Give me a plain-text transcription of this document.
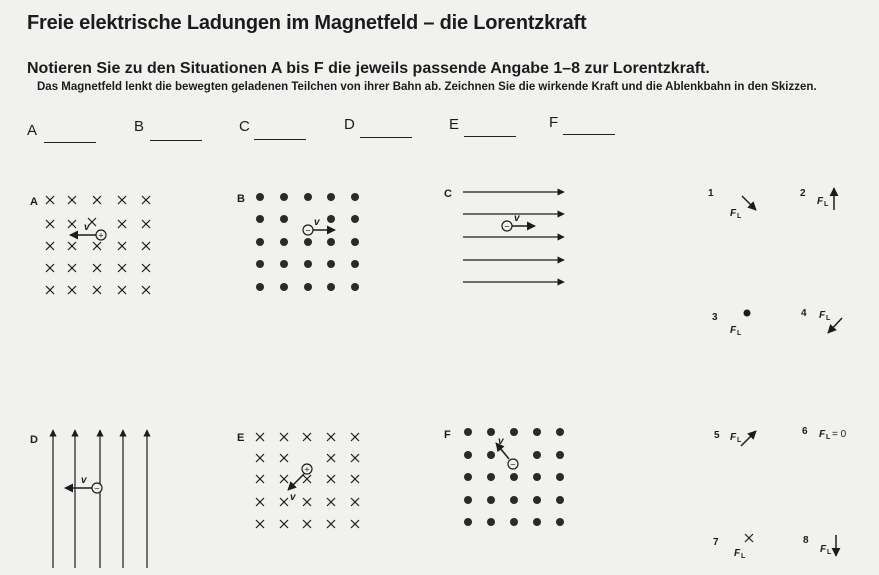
Freie elektrische Ladungen im Magnetfeld – die Lorentzkraft
Notieren Sie zu den Situationen A bis F die jeweils passende Angabe 1–8 zur Lorentzkraft.
Das Magnetfeld lenkt die bewegten geladenen Teilchen von ihrer Bahn ab. Zeichnen Sie die wirkende Kraft und die Ablenkbahn in den Skizzen.
A	B	C	D	E	F
A	B	C
D	E	F
+
v	−
v	−
v
−
v
+
v
−
v
1
F L
2
F L
3
F L
4 F L
5 F L
6 F L = 0
7
F L
8
F L
